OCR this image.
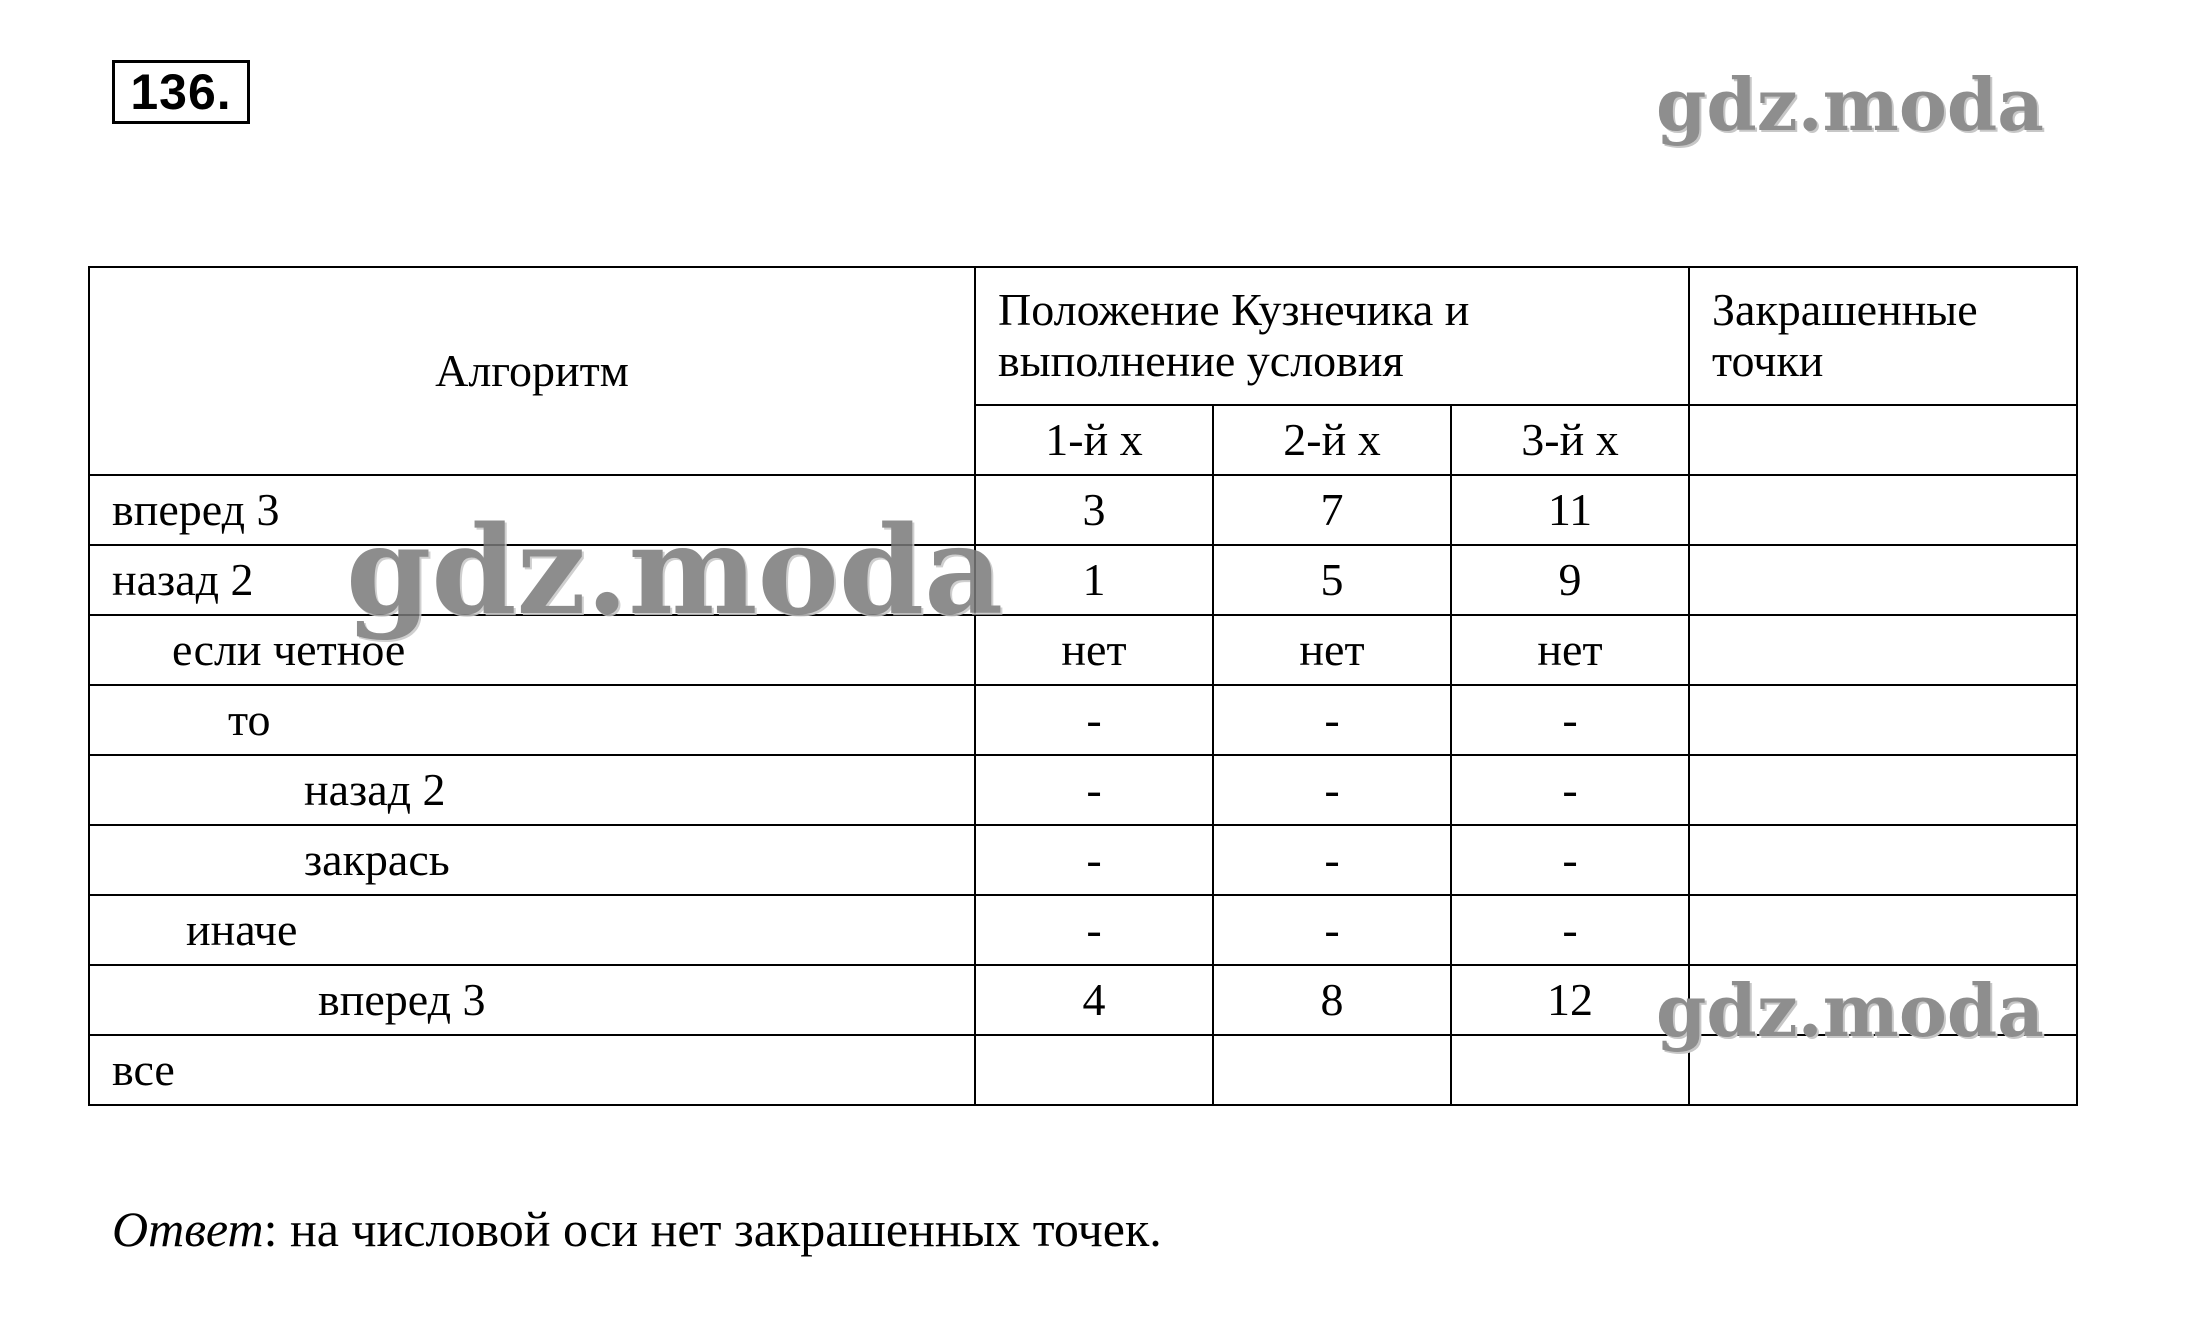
136.	gdz.moda
Алгоритм	Положение Кузнечика и выполнение условия			Закрашенные точки
	1-й х	2-й х	3-й х	
вперед 3	3	7	11	
назад 2	1	5	9	
если четное	нет	нет	нет	
то	-	-	-	
назад 2	-	-	-	
закрась	-	-	-	
иначе	-	-	-	
вперед 3	4	8	12	
все				
gdz.moda
gdz.moda
Ответ: на числовой оси нет закрашенных точек.
